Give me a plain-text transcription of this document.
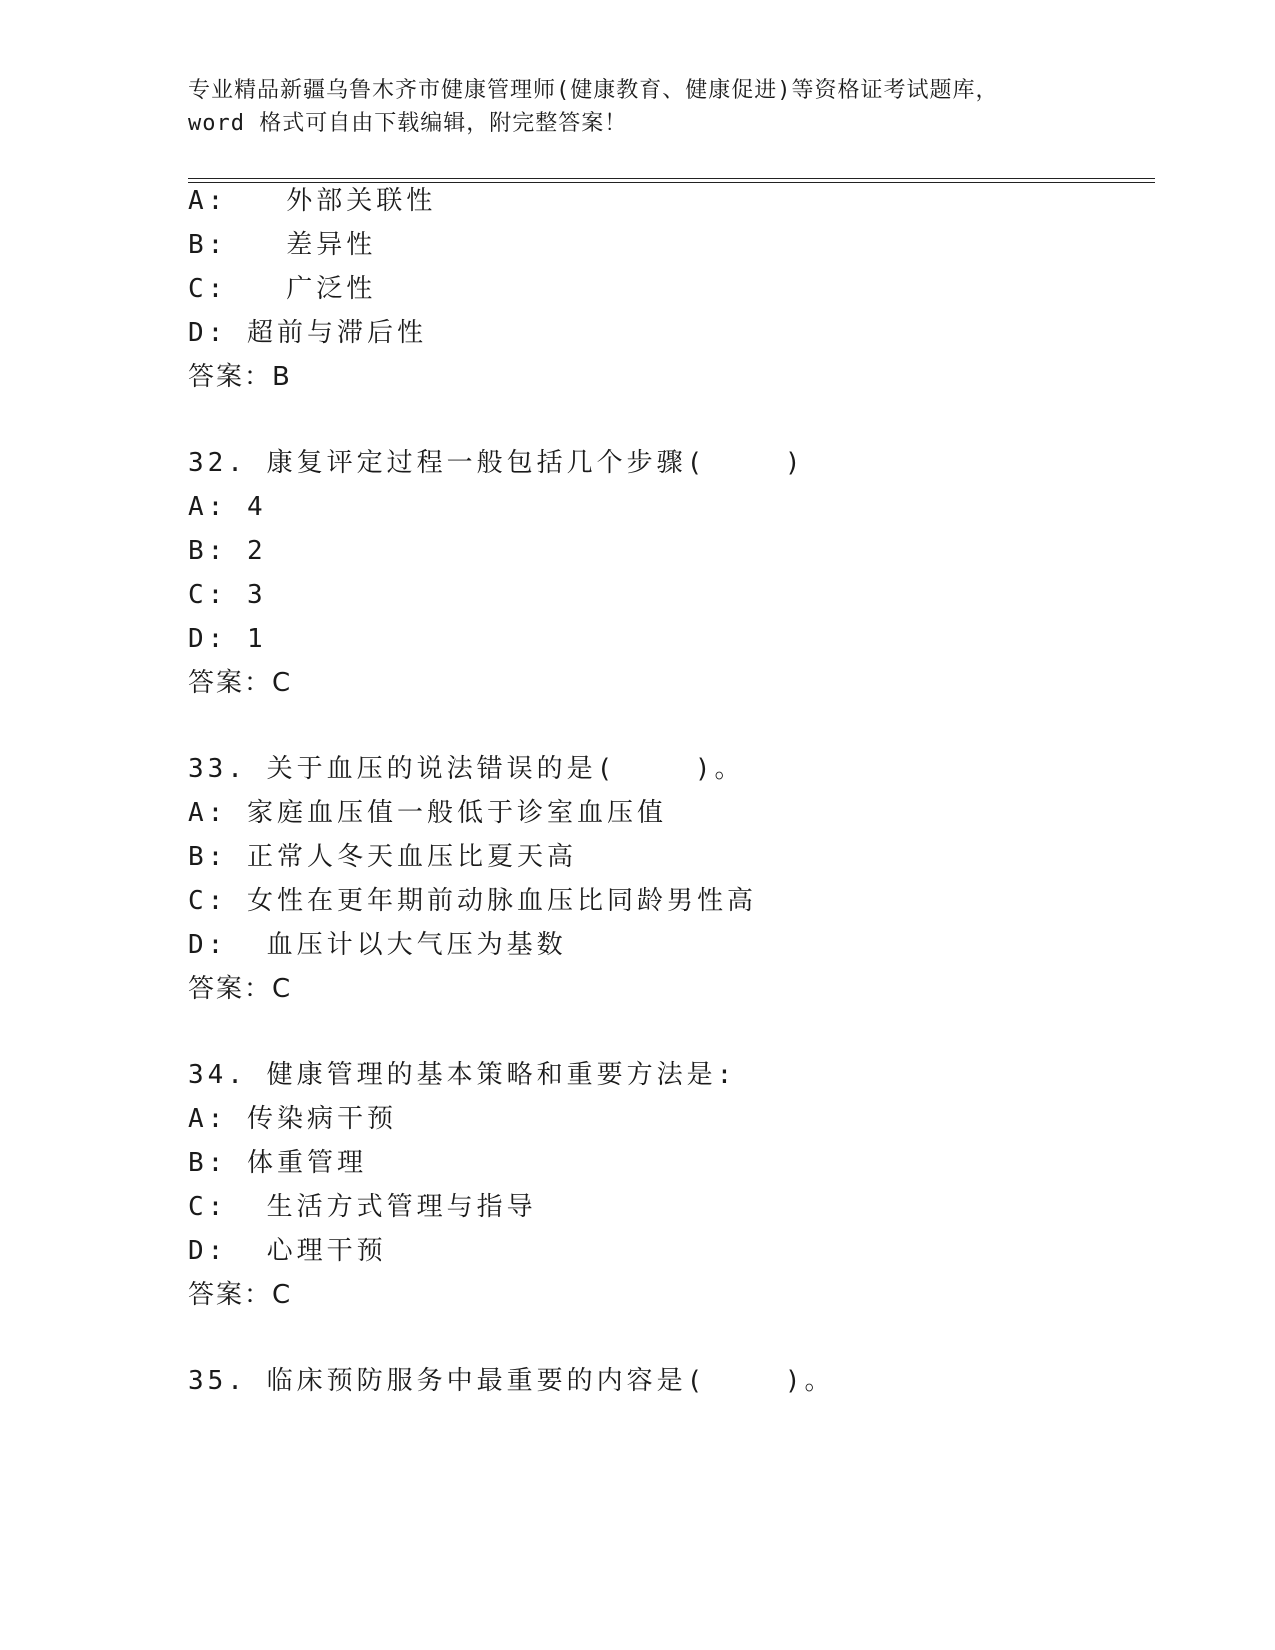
专业精品新疆乌鲁木齐市健康管理师(健康教育、健康促进)等资格证考试题库，
word 格式可自由下载编辑，附完整答案！
A:   外部关联性
B:   差异性
C:   广泛性
D: 超前与滞后性
答案：B
32. 康复评定过程一般包括几个步骤(    )
A: 4
B: 2
C: 3
D: 1
答案：C
33. 关于血压的说法错误的是(    )。
A: 家庭血压值一般低于诊室血压值
B: 正常人冬天血压比夏天高
C: 女性在更年期前动脉血压比同龄男性高
D:  血压计以大气压为基数
答案：C
34. 健康管理的基本策略和重要方法是:
A: 传染病干预
B: 体重管理
C:  生活方式管理与指导
D:  心理干预
答案：C
35. 临床预防服务中最重要的内容是(    )。
